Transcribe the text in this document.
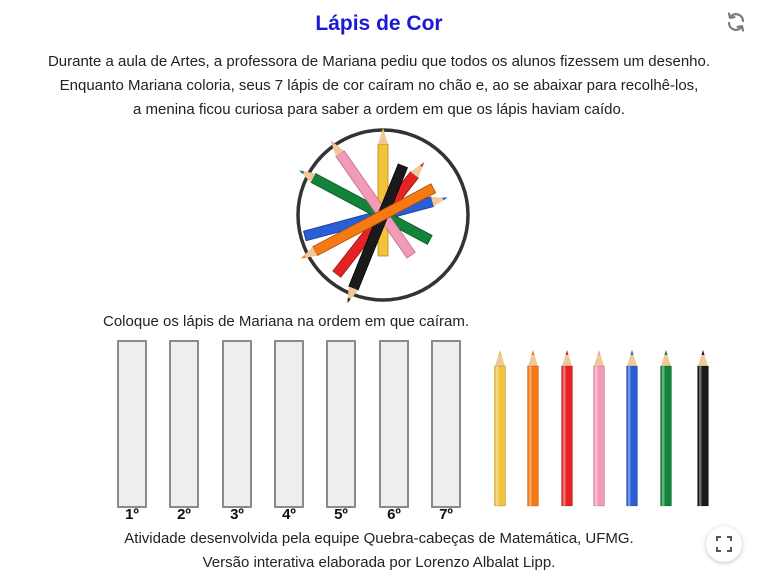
Lápis de Cor
Durante a aula de Artes, a professora de Mariana pediu que todos os alunos fizessem um desenho.
Enquanto Mariana coloria, seus 7 lápis de cor caíram no chão e, ao se abaixar para recolhê-los,
a menina ficou curiosa para saber a ordem em que os lápis haviam caído.
Coloque os lápis de Mariana na ordem em que caíram.
1º	2º	3º	4º	5º	6º	7º
Atividade desenvolvida pela equipe Quebra-cabeças de Matemática, UFMG.
Versão interativa elaborada por Lorenzo Albalat Lipp.
